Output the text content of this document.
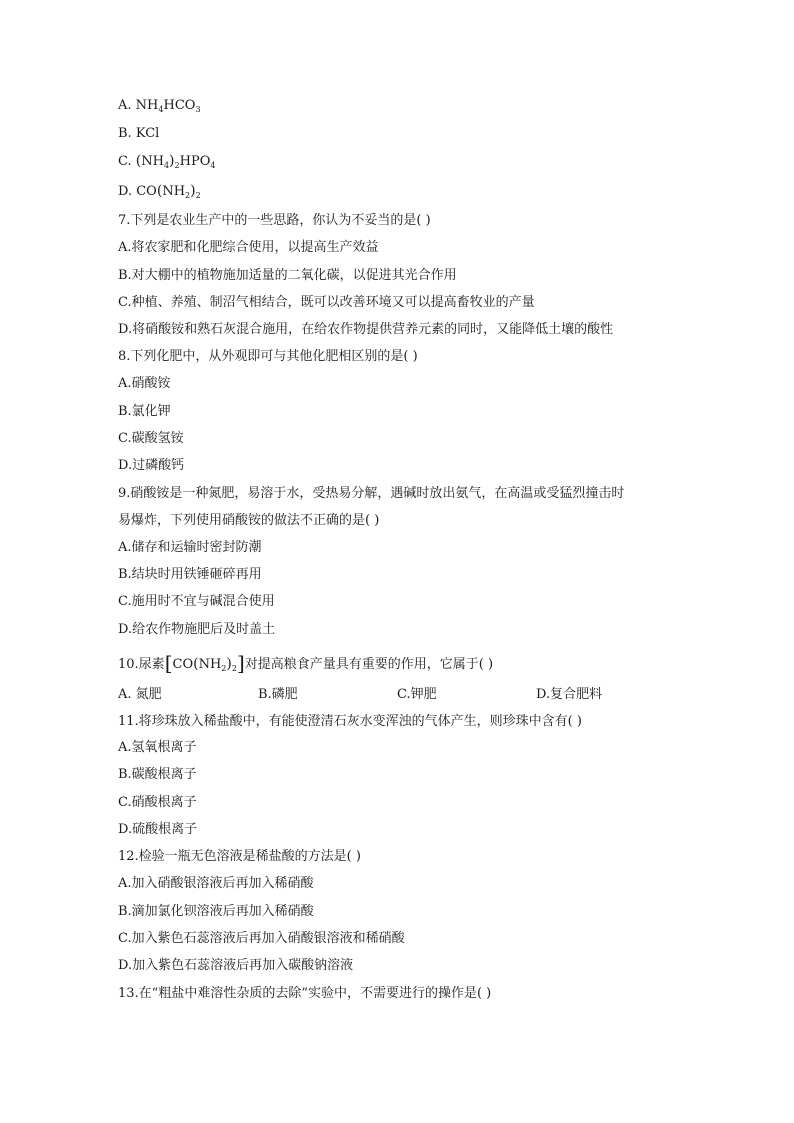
A. $NH_4HCO_3$
B. KCl
C. $(NH_4)_2HPO_4$
D. $CO(NH_2)_2$
7.下列是农业生产中的一些思路，你认为不妥当的是( )
A.将农家肥和化肥综合使用，以提高生产效益
B.对大棚中的植物施加适量的二氧化碳，以促进其光合作用
C.种植、养殖、制沼气相结合，既可以改善环境又可以提高畜牧业的产量
D.将硝酸铵和熟石灰混合施用，在给农作物提供营养元素的同时，又能降低土壤的酸性
8.下列化肥中，从外观即可与其他化肥相区别的是( )
A.硝酸铵
B.氯化钾
C.碳酸氢铵
D.过磷酸钙
9.硝酸铵是一种氮肥，易溶于水，受热易分解，遇碱时放出氨气，在高温或受猛烈撞击时
易爆炸，下列使用硝酸铵的做法不正确的是( )
A.储存和运输时密封防潮
B.结块时用铁锤砸碎再用
C.施用时不宜与碱混合使用
D.给农作物施肥后及时盖土
10.尿素$[CO(NH_2)_2]$对提高粮食产量具有重要的作用，它属于( )
A. 氮肥	B.磷肥	C.钾肥	D.复合肥料
11.将珍珠放入稀盐酸中，有能使澄清石灰水变浑浊的气体产生，则珍珠中含有( )
A.氢氧根离子
B.碳酸根离子
C.硝酸根离子
D.硫酸根离子
12.检验一瓶无色溶液是稀盐酸的方法是( )
A.加入硝酸银溶液后再加入稀硝酸
B.滴加氯化钡溶液后再加入稀硝酸
C.加入紫色石蕊溶液后再加入硝酸银溶液和稀硝酸
D.加入紫色石蕊溶液后再加入碳酸钠溶液
13.在“粗盐中难溶性杂质的去除”实验中，不需要进行的操作是( )
